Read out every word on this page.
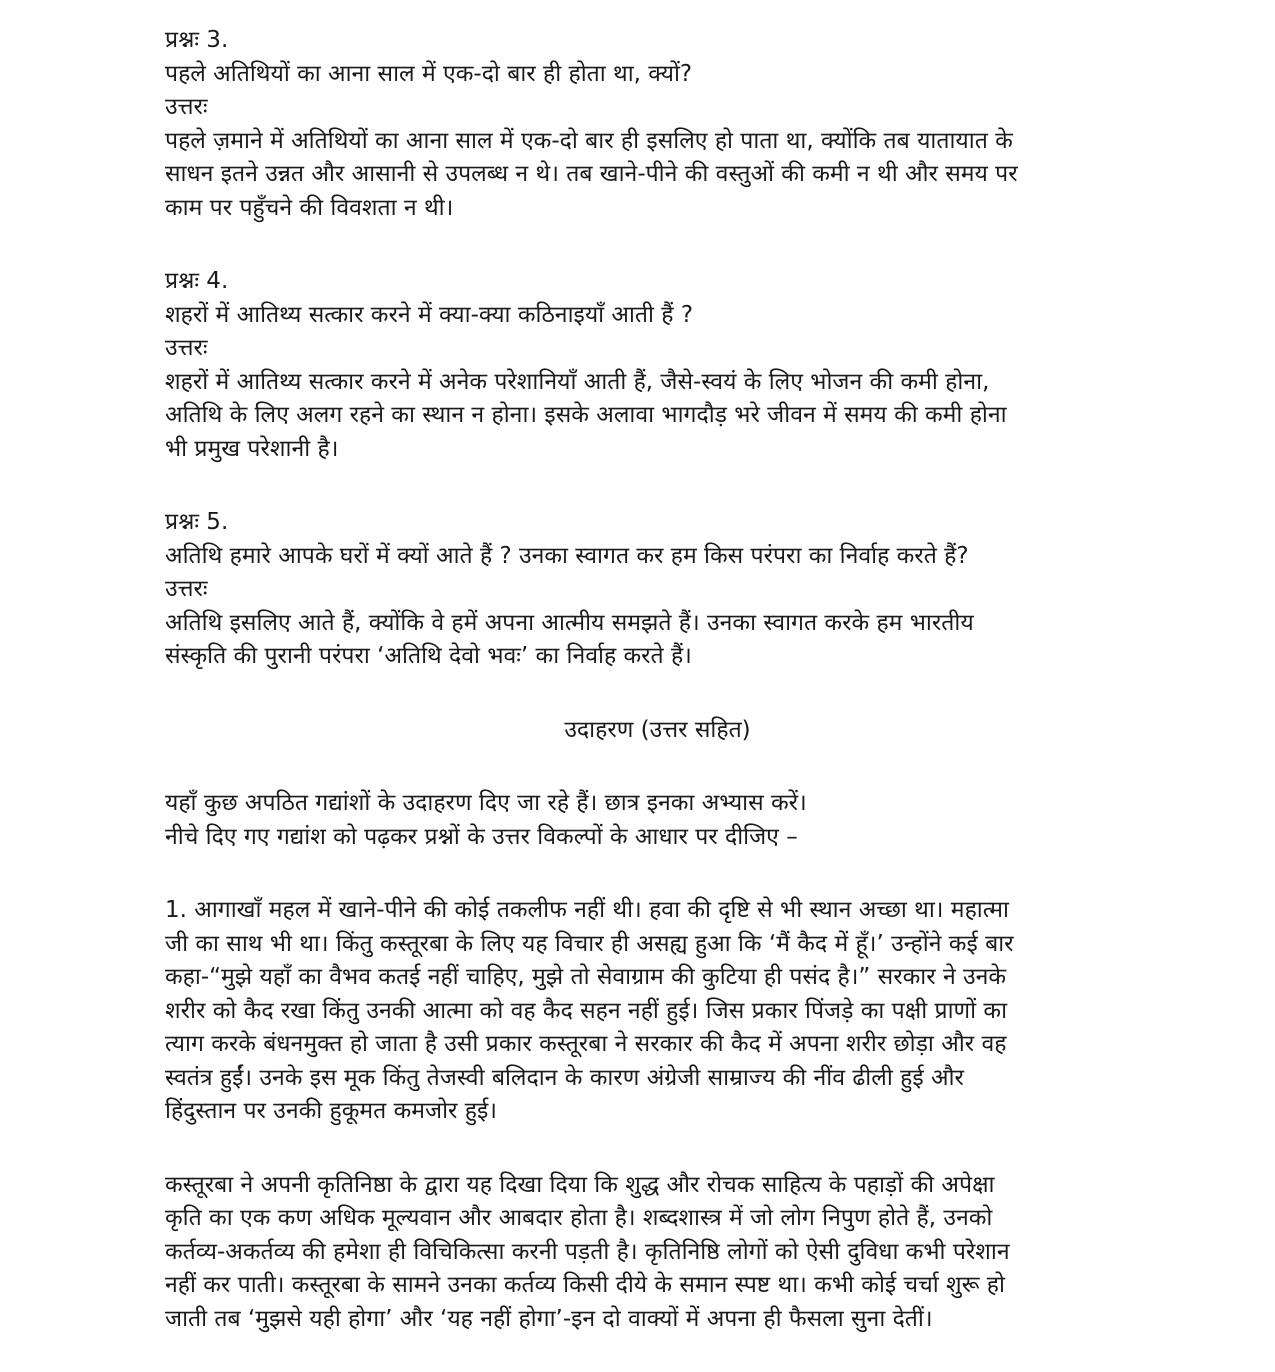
प्रश्नः 3.

पहले अतिथियों का आना साल में एक-दो बार ही होता था, क्यों?

उत्तरः

पहले ज़माने में अतिथियों का आना साल में एक-दो बार ही इसलिए हो पाता था, क्योंकि तब यातायात के

साधन इतने उन्नत और आसानी से उपलब्ध न थे। तब खाने-पीने की वस्तुओं की कमी न थी और समय पर

काम पर पहुँचने की विवशता न थी।

प्रश्नः 4.

शहरों में आतिथ्य सत्कार करने में क्या-क्या कठिनाइयाँ आती हैं ?

उत्तरः

शहरों में आतिथ्य सत्कार करने में अनेक परेशानियाँ आती हैं, जैसे-स्वयं के लिए भोजन की कमी होना,

अतिथि के लिए अलग रहने का स्थान न होना। इसके अलावा भागदौड़ भरे जीवन में समय की कमी होना

भी प्रमुख परेशानी है।

प्रश्नः 5.

अतिथि हमारे आपके घरों में क्यों आते हैं ? उनका स्वागत कर हम किस परंपरा का निर्वाह करते हैं?

उत्तरः

अतिथि इसलिए आते हैं, क्योंकि वे हमें अपना आत्मीय समझते हैं। उनका स्वागत करके हम भारतीय

संस्कृति की पुरानी परंपरा ‘अतिथि देवो भवः’ का निर्वाह करते हैं।

उदाहरण (उत्तर सहित)

यहाँ कुछ अपठित गद्यांशों के उदाहरण दिए जा रहे हैं। छात्र इनका अभ्यास करें।

नीचे दिए गए गद्यांश को पढ़कर प्रश्नों के उत्तर विकल्पों के आधार पर दीजिए –

1. आगाखाँ महल में खाने-पीने की कोई तकलीफ नहीं थी। हवा की दृष्टि से भी स्थान अच्छा था। महात्मा

जी का साथ भी था। किंतु कस्तूरबा के लिए यह विचार ही असह्य हुआ कि ‘मैं कैद में हूँ।’ उन्होंने कई बार

कहा-“मुझे यहाँ का वैभव कतई नहीं चाहिए, मुझे तो सेवाग्राम की कुटिया ही पसंद है।” सरकार ने उनके

शरीर को कैद रखा किंतु उनकी आत्मा को वह कैद सहन नहीं हुई। जिस प्रकार पिंजड़े का पक्षी प्राणों का

त्याग करके बंधनमुक्त हो जाता है उसी प्रकार कस्तूरबा ने सरकार की कैद में अपना शरीर छोड़ा और वह

स्वतंत्र हुईं। उनके इस मूक किंतु तेजस्वी बलिदान के कारण अंग्रेजी साम्राज्य की नींव ढीली हुई और

हिंदुस्तान पर उनकी हुकूमत कमजोर हुई।

कस्तूरबा ने अपनी कृतिनिष्ठा के द्वारा यह दिखा दिया कि शुद्ध और रोचक साहित्य के पहाड़ों की अपेक्षा

कृति का एक कण अधिक मूल्यवान और आबदार होता है। शब्दशास्त्र में जो लोग निपुण होते हैं, उनको

कर्तव्य-अकर्तव्य की हमेशा ही विचिकित्सा करनी पड़ती है। कृतिनिष्ठि लोगों को ऐसी दुविधा कभी परेशान

नहीं कर पाती। कस्तूरबा के सामने उनका कर्तव्य किसी दीये के समान स्पष्ट था। कभी कोई चर्चा शुरू हो

जाती तब ‘मुझसे यही होगा’ और ‘यह नहीं होगा’-इन दो वाक्यों में अपना ही फैसला सुना देतीं।
